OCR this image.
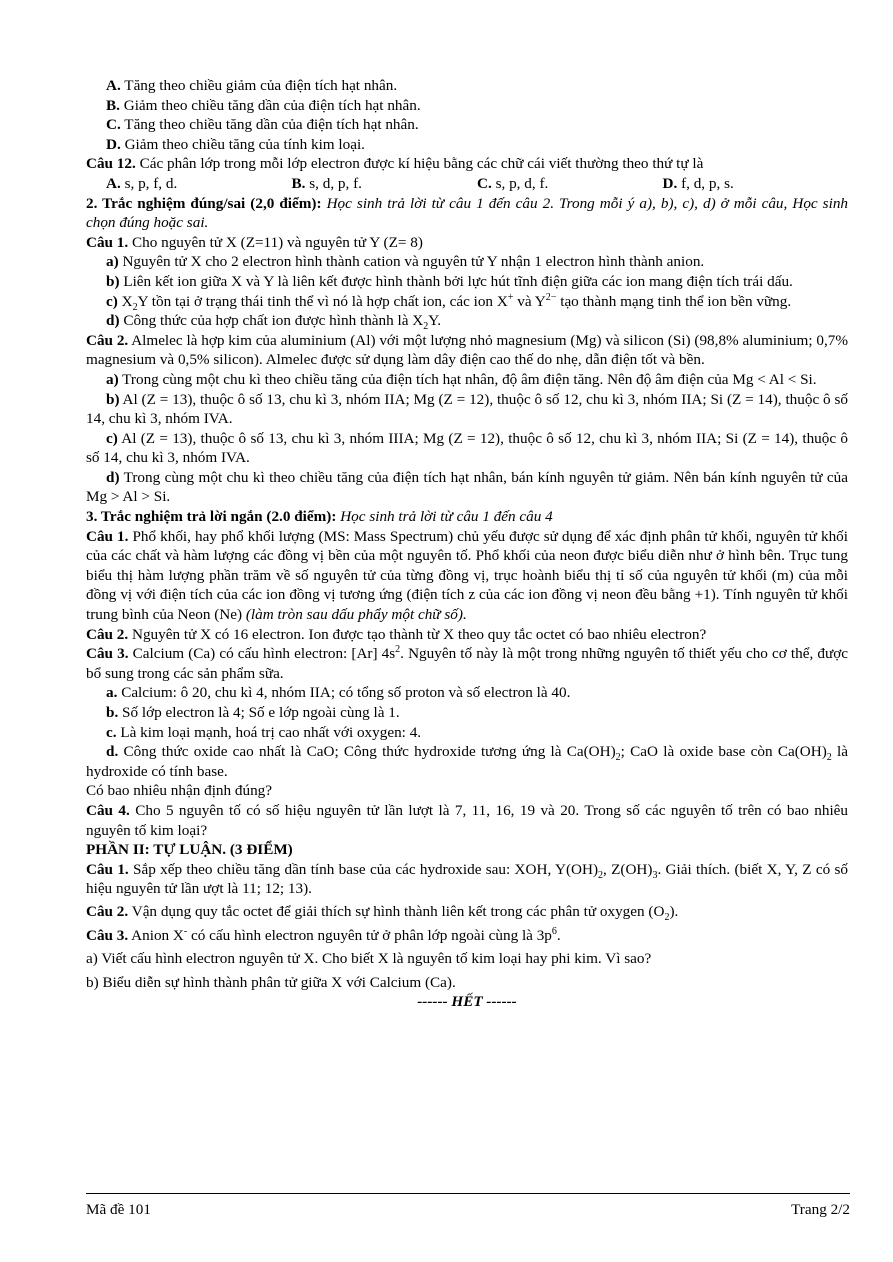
A. Tăng theo chiều giảm của điện tích hạt nhân.
B. Giảm theo chiều tăng dần của điện tích hạt nhân.
C. Tăng theo chiều tăng dần của điện tích hạt nhân.
D. Giảm theo chiều tăng của tính kim loại.
Câu 12. Các phân lớp trong mỗi lớp electron được kí hiệu bằng các chữ cái viết thường theo thứ tự là
A. s, p, f, d.	B. s, d, p, f.	C. s, p, d, f.	D. f, d, p, s.
2. Trắc nghiệm đúng/sai (2,0 điểm): Học sinh trả lời từ câu 1 đến câu 2. Trong mỗi ý a), b), c), d) ở mỗi câu, Học sinh chọn đúng hoặc sai.
Câu 1. Cho nguyên tử X (Z=11) và nguyên tử Y (Z= 8)
a) Nguyên tử X cho 2 electron hình thành cation và nguyên tử Y nhận 1 electron hình thành anion.
b) Liên kết ion giữa X và Y là liên kết được hình thành bởi lực hút tĩnh điện giữa các ion mang điện tích trái dấu.
c) $X_2Y$ tồn tại ở trạng thái tinh thể vì nó là hợp chất ion, các ion X+ và $Y^{2-}$ tạo thành mạng tinh thể ion bền vững.
d) Công thức của hợp chất ion được hình thành là $X_2Y$.
Câu 2. Almelec là hợp kim của aluminium (Al) với một lượng nhỏ magnesium (Mg) và silicon (Si) (98,8% aluminium; 0,7% magnesium và 0,5% silicon). Almelec được sử dụng làm dây điện cao thế do nhẹ, dẫn điện tốt và bền.
a) Trong cùng một chu kì theo chiều tăng của điện tích hạt nhân, độ âm điện tăng. Nên độ âm điện của Mg < Al < Si.
b) Al (Z = 13), thuộc ô số 13, chu kì 3, nhóm IIA; Mg (Z = 12), thuộc ô số 12, chu kì 3, nhóm IIA; Si (Z = 14), thuộc ô số 14, chu kì 3, nhóm IVA.
c) Al (Z = 13), thuộc ô số 13, chu kì 3, nhóm IIIA; Mg (Z = 12), thuộc ô số 12, chu kì 3, nhóm IIA; Si (Z = 14), thuộc ô số 14, chu kì 3, nhóm IVA.
d) Trong cùng một chu kì theo chiều tăng của điện tích hạt nhân, bán kính nguyên tử giảm. Nên bán kính nguyên tử của Mg > Al > Si.
3. Trắc nghiệm trả lời ngắn (2.0 điểm): Học sinh trả lời từ câu 1 đến câu 4
Câu 1. Phổ khối, hay phổ khối lượng (MS: Mass Spectrum) chủ yếu được sử dụng để xác định phân tử khối, nguyên tử khối của các chất và hàm lượng các đồng vị bền của một nguyên tố. Phổ khối của neon được biểu diễn như ở hình bên. Trục tung biểu thị hàm lượng phần trăm về số nguyên tử của từng đồng vị, trục hoành biểu thị tỉ số của nguyên tử khối (m) của mỗi đồng vị với điện tích của các ion đồng vị tương ứng (điện tích z của các ion đồng vị neon đều bằng +1). Tính nguyên tử khối trung bình của Neon (Ne) (làm tròn sau dấu phẩy một chữ số).
Câu 2. Nguyên tử X có 16 electron. Ion được tạo thành từ X theo quy tắc octet có bao nhiêu electron?
Câu 3. Calcium (Ca) có cấu hình electron: [Ar] $4s^2$. Nguyên tố này là một trong những nguyên tố thiết yếu cho cơ thể, được bổ sung trong các sản phẩm sữa.
a. Calcium: ô 20, chu kì 4, nhóm IIA; có tổng số proton và số electron là 40.
b. Số lớp electron là 4; Số e lớp ngoài cùng là 1.
c. Là kim loại mạnh, hoá trị cao nhất với oxygen: 4.
d. Công thức oxide cao nhất là CaO; Công thức hydroxide tương ứng là $Ca(OH)_2$; CaO là oxide base còn $Ca(OH)_2$ là hydroxide có tính base.
Có bao nhiêu nhận định đúng?
Câu 4. Cho 5 nguyên tố có số hiệu nguyên tử lần lượt là 7, 11, 16, 19 và 20. Trong số các nguyên tố trên có bao nhiêu nguyên tố kim loại?
PHẦN II: TỰ LUẬN. (3 ĐIỂM)
Câu 1. Sắp xếp theo chiều tăng dần tính base của các hydroxide sau: XOH, $Y(OH)_2$, $Z(OH)_3$. Giải thích. (biết X, Y, Z có số hiệu nguyên tử lần ượt là 11; 12; 13).
Câu 2. Vận dụng quy tắc octet để giải thích sự hình thành liên kết trong các phân tử oxygen $(O_2)$.
Câu 3. Anion X- có cấu hình electron nguyên tử ở phân lớp ngoài cùng là $3p^6$.
a) Viết cấu hình electron nguyên tử X. Cho biết X là nguyên tố kim loại hay phi kim. Vì sao?
b) Biểu diễn sự hình thành phân tử giữa X với Calcium (Ca).
------ HẾT ------
Mã đề 101	Trang 2/2
